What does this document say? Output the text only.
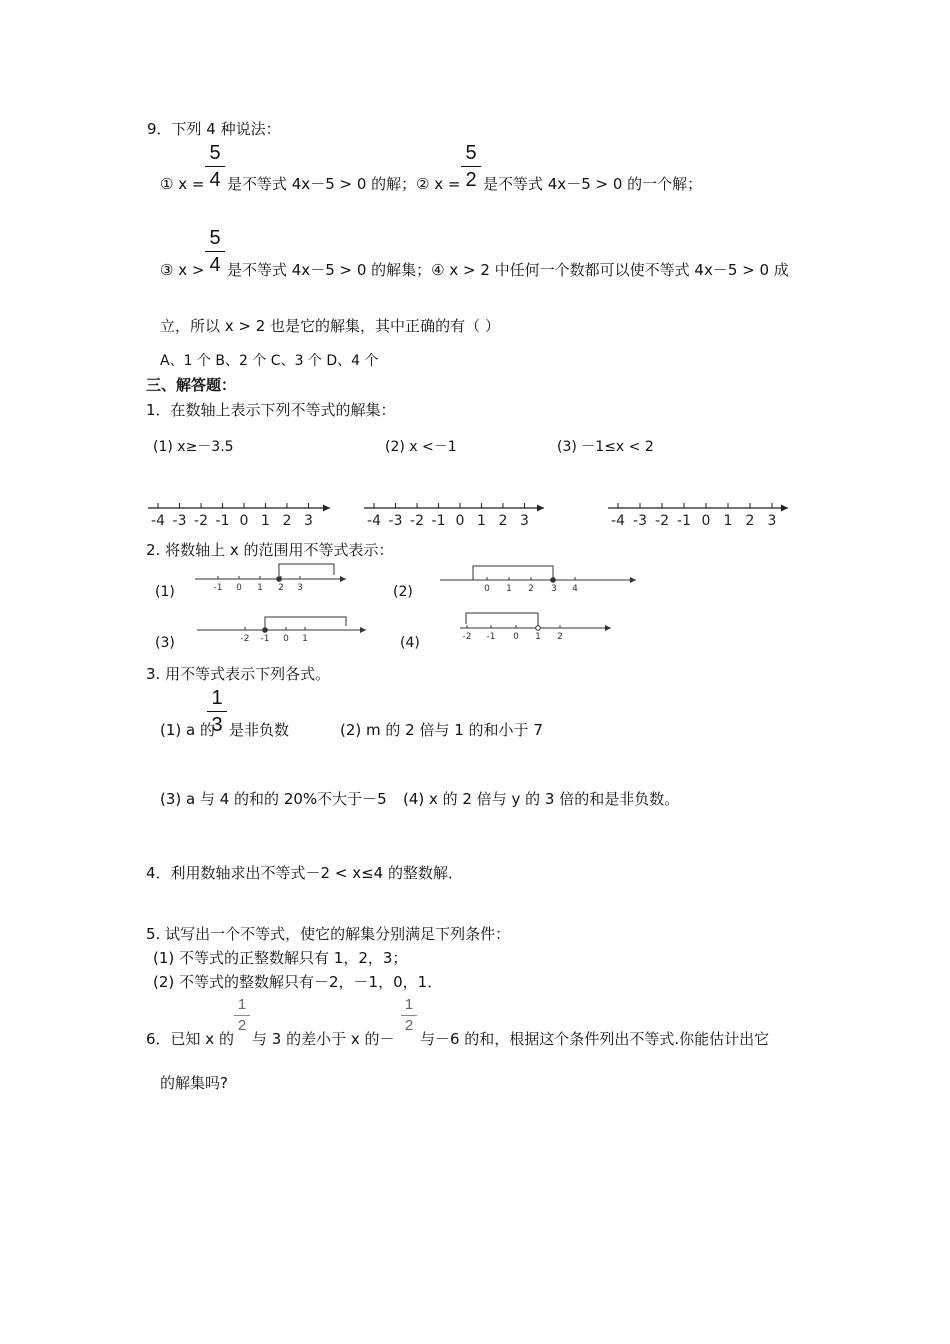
9．下列 4 种说法：
① x =
5
4 是不等式 4x－5 > 0 的解； ② x =
5
2 是不等式 4x－5 > 0 的一个解；
③ x >
5
4 是不等式 4x－5 > 0 的解集；④ x > 2 中任何一个数都可以使不等式 4x－5 > 0 成
立，所以 x > 2 也是它的解集，其中正确的有（ ）
A、1 个 B、2 个 C、3 个 D、4 个
三、解答题：
1．在数轴上表示下列不等式的解集：
(1) x≥－3.5	(2) x <－1	(3) －1≤x < 2
-4 -3 -2 -1 0 1 2 3	-4 -3 -2 -1 0 1 2 3	-4 -3 -2 -1 0 1 2 3
2. 将数轴上 x 的范围用不等式表示：
(1)	(2)
(3)	(4)
-1 0 1 2 3	0 1 2 3 4
-2 -1 0 1	-2 -1 0 1 2
3. 用不等式表示下列各式。
(1) a 的
1
3 是非负数	(2) m 的 2 倍与 1 的和小于 7
(3) a 与 4 的和的 20%不大于－5 (4) x 的 2 倍与 y 的 3 倍的和是非负数。
4．利用数轴求出不等式－2 < x≤4 的整数解．
5. 试写出一个不等式，使它的解集分别满足下列条件：
(1) 不等式的正整数解只有 1，2，3；
(2) 不等式的整数解只有－2，－1，0，1．
6．已知 x 的
1
2
与 3 的差小于 x 的－
1
2
与－6 的和，根据这个条件列出不等式.你能估计出它
的解集吗?
